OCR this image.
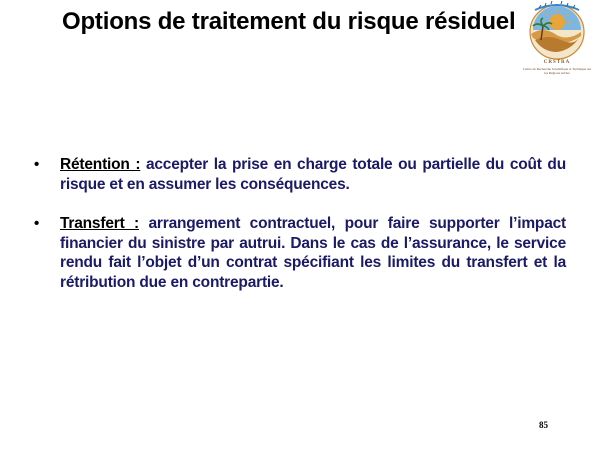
Options de traitement du risque résiduel
CRSTRA
Centre de Recherche Scientifique et Technique sur les Régions Arides
• Rétention : accepter la prise en charge totale ou partielle du coût du risque et en assumer les conséquences.
• Transfert : arrangement contractuel, pour faire supporter l’impact financier du sinistre par autrui. Dans le cas de l’assurance, le service rendu fait l’objet d’un contrat spécifiant les limites du transfert et la rétribution due en contrepartie.
85
